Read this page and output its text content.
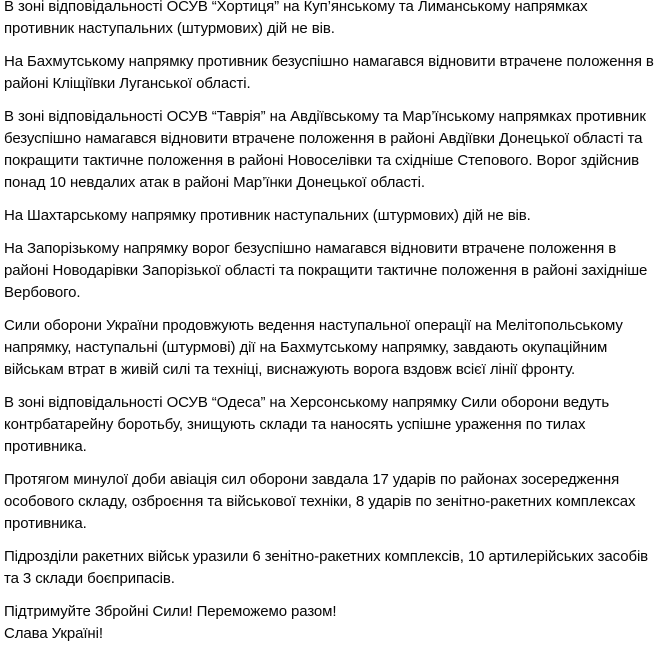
В зоні відповідальності ОСУВ “Хортиця” на Куп’янському та Лиманському напрямках противник наступальних (штурмових) дій не вів.

На Бахмутському напрямку противник безуспішно намагався відновити втрачене положення в районі Кліщіївки Луганської області.

В зоні відповідальності ОСУВ “Таврія” на Авдіївському та Мар’їнському напрямках противник безуспішно намагався відновити втрачене положення в районі Авдіївки Донецької області та покращити тактичне положення в районі Новоселівки та східніше Степового. Ворог здійснив понад 10 невдалих атак в районі Мар’їнки Донецької області.

На Шахтарському напрямку противник наступальних (штурмових) дій не вів.

На Запорізькому напрямку ворог безуспішно намагався відновити втрачене положення в районі Новодарівки Запорізької області та покращити тактичне положення в районі західніше Вербового.

Сили оборони України продовжують ведення наступальної операції на Мелітопольському напрямку, наступальні (штурмові) дії на Бахмутському напрямку, завдають окупаційним військам втрат в живій силі та техніці, виснажують ворога вздовж всієї лінії фронту.

В зоні відповідальності ОСУВ “Одеса” на Херсонському напрямку Сили оборони ведуть контрбатарейну боротьбу, знищують склади та наносять успішне ураження по тилах противника.

Протягом минулої доби авіація сил оборони завдала 17 ударів по районах зосередження особового складу, озброєння та військової техніки, 8 ударів по зенітно-ракетних комплексах противника.

Підрозділи ракетних військ уразили 6 зенітно-ракетних комплексів, 10 артилерійських засобів та 3 склади боєприпасів.

Підтримуйте Збройні Сили! Переможемо разом!

Слава Україні!
